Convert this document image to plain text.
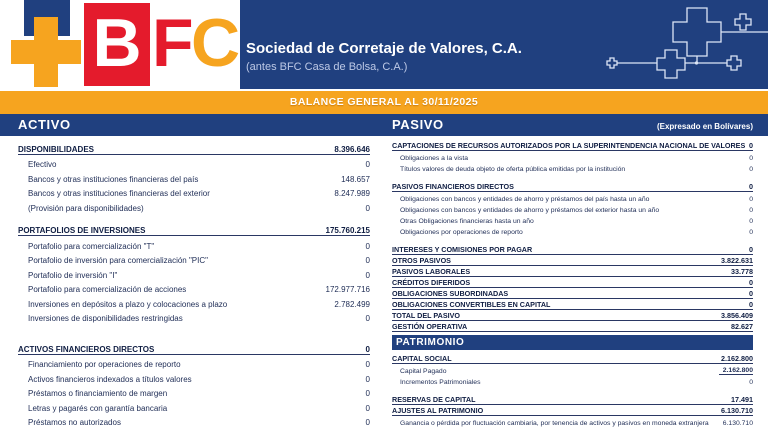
B F
C Sociedad de Corretaje de Valores, C.A.
(antes BFC Casa de Bolsa, C.A.)
BALANCE GENERAL AL 30/11/2025
ACTIVO	PASIVO	(Expresado en Bolívares)
DISPONIBILIDADES	8.396.646
Efectivo	0
Bancos y otras instituciones financieras del país	148.657
Bancos y otras instituciones financieras del exterior	8.247.989
(Provisión para disponibilidades)	0
PORTAFOLIOS DE INVERSIONES	175.760.215
Portafolio para comercialización "T"	0
Portafolio de inversión para comercialización "PIC"	0
Portafolio de inversión "I"	0
Portafolio para comercialización de acciones	172.977.716
Inversiones en depósitos a plazo y colocaciones a plazo	2.782.499
Inversiones de disponibilidades restringidas	0
ACTIVOS FINANCIEROS DIRECTOS	0
Financiamiento por operaciones de reporto	0
Activos financieros indexados a títulos valores	0
Préstamos o financiamiento de margen	0
Letras y pagarés con garantía bancaria	0
Préstamos no autorizados	0
CAPTACIONES DE RECURSOS AUTORIZADOS POR LA SUPERINTENDENCIA NACIONAL DE VALORES 0
Obligaciones a la vista	0
Títulos valores de deuda objeto de oferta pública emitidas por la institución	0
PASIVOS FINANCIEROS DIRECTOS	0
Obligaciones con bancos y entidades de ahorro y préstamos del país hasta un año	0
Obligaciones con bancos y entidades de ahorro y préstamos del exterior hasta un año	0
Otras Obligaciones financieras hasta un año	0
Obligaciones por operaciones de reporto	0
INTERESES Y COMISIONES POR PAGAR	0
OTROS PASIVOS	3.822.631
PASIVOS LABORALES	33.778
CRÉDITOS DIFERIDOS	0
OBLIGACIONES SUBORDINADAS	0
OBLIGACIONES CONVERTIBLES EN CAPITAL	0
TOTAL DEL PASIVO	3.856.409
GESTIÓN OPERATIVA	82.627
PATRIMONIO
CAPITAL SOCIAL	2.162.800
Capital Pagado	2.162.800
Incrementos Patrimoniales	0
RESERVAS DE CAPITAL	17.491
AJUSTES AL PATRIMONIO	6.130.710
Ganancia o pérdida por fluctuación cambiaria, por tenencia de activos y pasivos en moneda extranjera	6.130.710
